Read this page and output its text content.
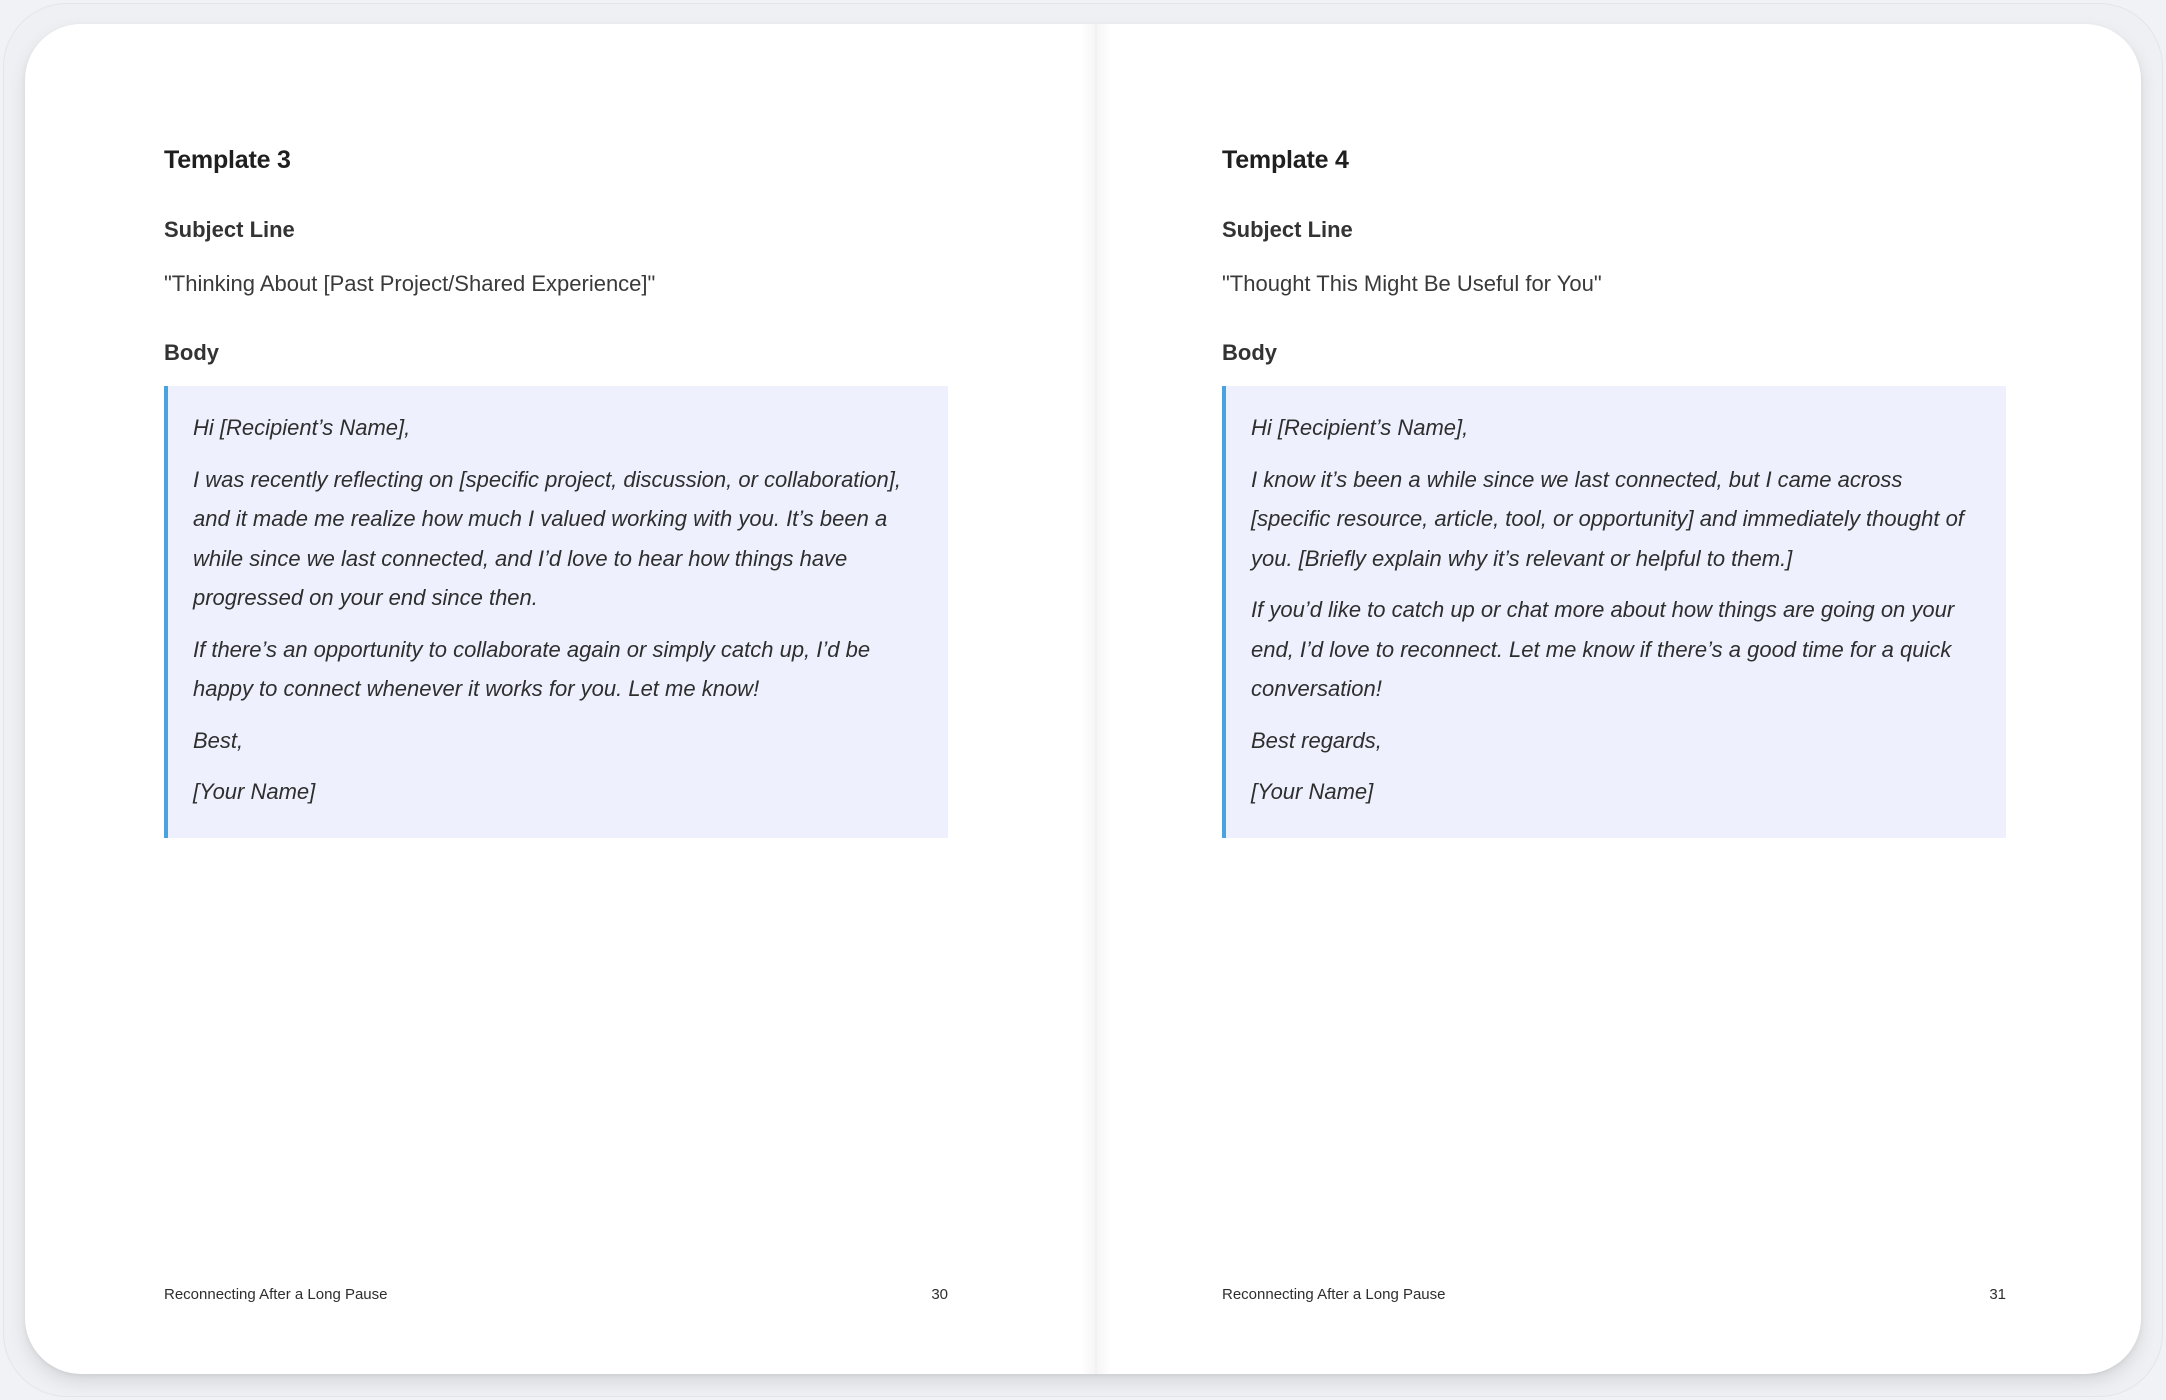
Template 3
Subject Line

"Thinking About [Past Project/Shared Experience]"

Body

Hi [Recipient’s Name],

I was recently reflecting on [specific project, discussion, or collaboration], and it made me realize how much I valued working with you. It’s been a while since we last connected, and I’d love to hear how things have progressed on your end since then.

If there’s an opportunity to collaborate again or simply catch up, I’d be happy to connect whenever it works for you. Let me know!

Best,

[Your Name]

Reconnecting After a Long Pause	30
Template 4
Subject Line

"Thought This Might Be Useful for You"

Body

Hi [Recipient’s Name],

I know it’s been a while since we last connected, but I came across [specific resource, article, tool, or opportunity] and immediately thought of you. [Briefly explain why it’s relevant or helpful to them.]

If you’d like to catch up or chat more about how things are going on your end, I’d love to reconnect. Let me know if there’s a good time for a quick conversation!

Best regards,

[Your Name]

Reconnecting After a Long Pause	31
